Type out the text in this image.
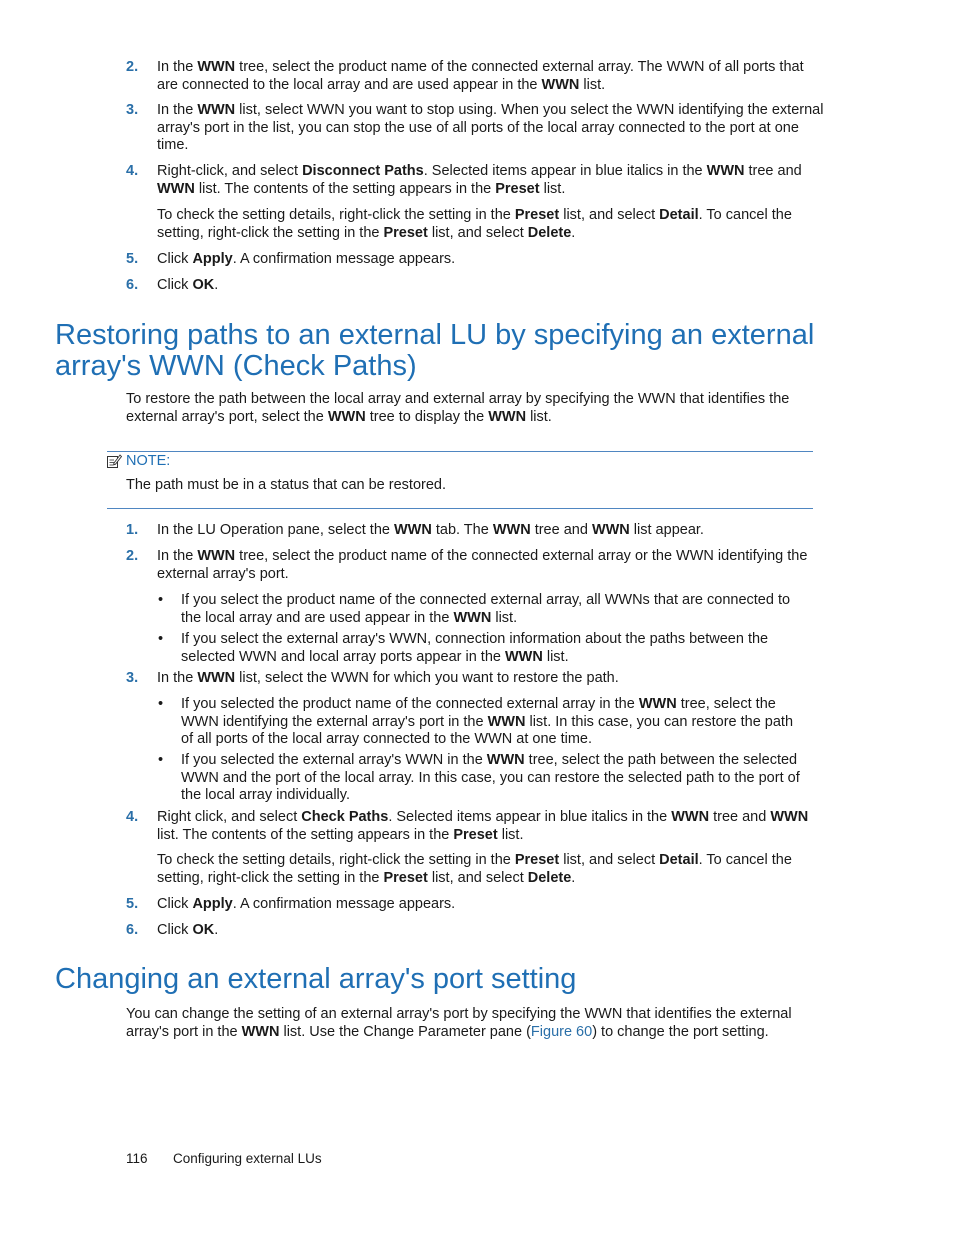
2. In the WWN tree, select the product name of the connected external array. The WWN of all ports that are connected to the local array and are used appear in the WWN list.
3. In the WWN list, select WWN you want to stop using. When you select the WWN identifying the external array's port in the list, you can stop the use of all ports of the local array connected to the port at one time.
4. Right-click, and select Disconnect Paths. Selected items appear in blue italics in the WWN tree and WWN list. The contents of the setting appears in the Preset list.
To check the setting details, right-click the setting in the Preset list, and select Detail. To cancel the setting, right-click the setting in the Preset list, and select Delete.
5. Click Apply. A confirmation message appears.
6. Click OK.
Restoring paths to an external LU by specifying an external
array's WWN (Check Paths)
To restore the path between the local array and external array by specifying the WWN that identifies the external array's port, select the WWN tree to display the WWN list.
NOTE:
The path must be in a status that can be restored.
1. In the LU Operation pane, select the WWN tab. The WWN tree and WWN list appear.
2. In the WWN tree, select the product name of the connected external array or the WWN identifying the external array's port.
• If you select the product name of the connected external array, all WWNs that are connected to the local array and are used appear in the WWN list.
• If you select the external array's WWN, connection information about the paths between the selected WWN and local array ports appear in the WWN list.
3. In the WWN list, select the WWN for which you want to restore the path.
• If you selected the product name of the connected external array in the WWN tree, select the WWN identifying the external array's port in the WWN list. In this case, you can restore the path of all ports of the local array connected to the WWN at one time.
• If you selected the external array's WWN in the WWN tree, select the path between the selected WWN and the port of the local array. In this case, you can restore the selected path to the port of the local array individually.
4. Right click, and select Check Paths. Selected items appear in blue italics in the WWN tree and WWN list. The contents of the setting appears in the Preset list.
To check the setting details, right-click the setting in the Preset list, and select Detail. To cancel the setting, right-click the setting in the Preset list, and select Delete.
5. Click Apply. A confirmation message appears.
6. Click OK.
Changing an external array's port setting
You can change the setting of an external array's port by specifying the WWN that identifies the external array's port in the WWN list. Use the Change Parameter pane (Figure 60) to change the port setting.
116 Configuring external LUs
